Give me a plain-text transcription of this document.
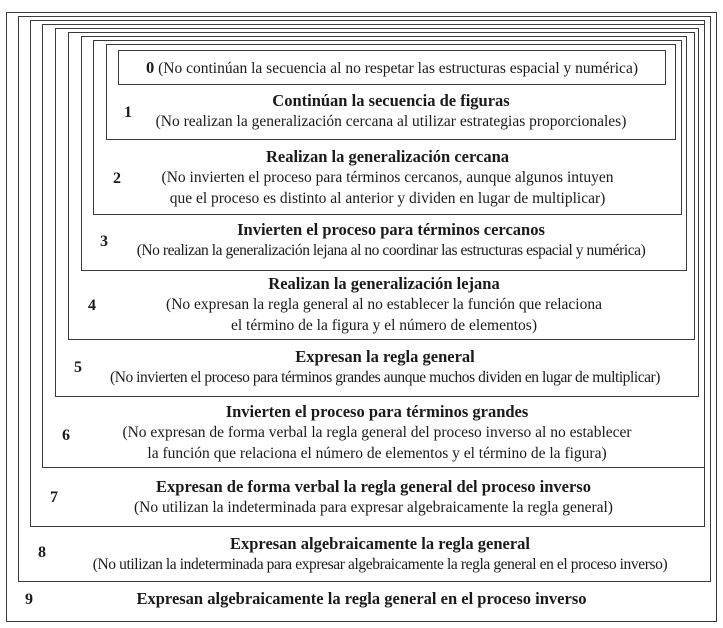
0 (No continúan la secuencia al no respetar las estructuras espacial y numérica)
1
Continúan la secuencia de figuras
(No realizan la generalización cercana al utilizar estrategias proporcionales)
2
Realizan la generalización cercana
(No invierten el proceso para términos cercanos, aunque algunos intuyen
que el proceso es distinto al anterior y dividen en lugar de multiplicar)
3
Invierten el proceso para términos cercanos
(No realizan la generalización lejana al no coordinar las estructuras espacial y numérica)
4
Realizan la generalización lejana
(No expresan la regla general al no establecer la función que relaciona
el término de la figura y el número de elementos)
5
Expresan la regla general
(No invierten el proceso para términos grandes aunque muchos dividen en lugar de multiplicar)
6
Invierten el proceso para términos grandes
(No expresan de forma verbal la regla general del proceso inverso al no establecer
la función que relaciona el número de elementos y el término de la figura)
7
Expresan de forma verbal la regla general del proceso inverso
(No utilizan la indeterminada para expresar algebraicamente la regla general)
8	Expresan algebraicamente la regla general
(No utilizan la indeterminada para expresar algebraicamente la regla general en el proceso inverso)
9	Expresan algebraicamente la regla general en el proceso inverso
